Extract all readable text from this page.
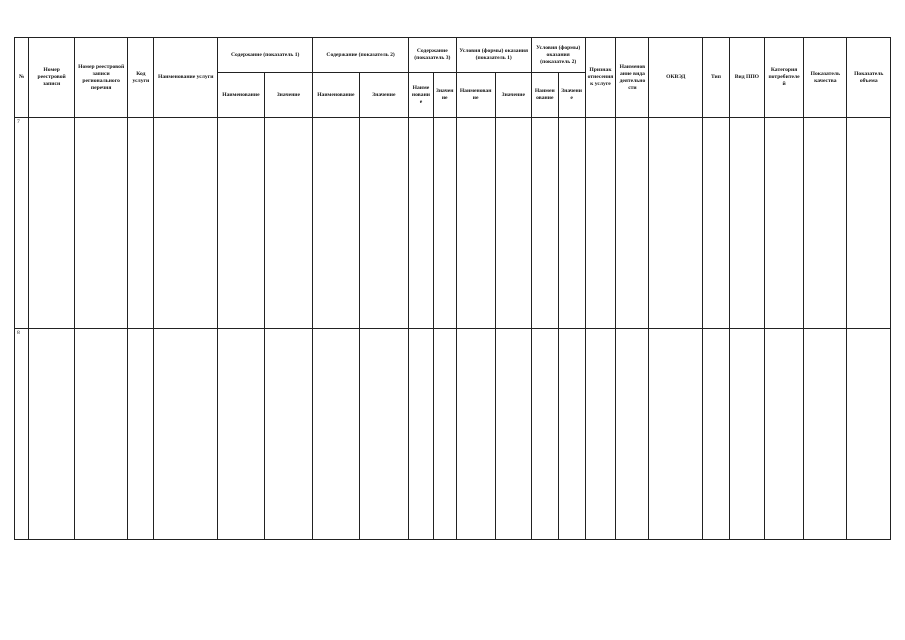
№	Номер реестровой записи	Номер реестровой записи регионального перечня	Код услуги	Наименование услуги	Содержание (показатель 1)		Содержание (показатель 2)		Содержание (показатель 3)		Условия (формы) оказания (показатель 1)		Условия (формы) оказания (показатель 2)		Признак отнесения к услуге	Наименование вида деятельности	ОКВЭД	Тип	Вид ППО	Категория потребителей	Показатель качества	Показатель объема
					Наименование	Значение	Наименование	Значение	Наименование	Значение	Наименование	Значение	Наименование	Значение								
7																						
8																						
